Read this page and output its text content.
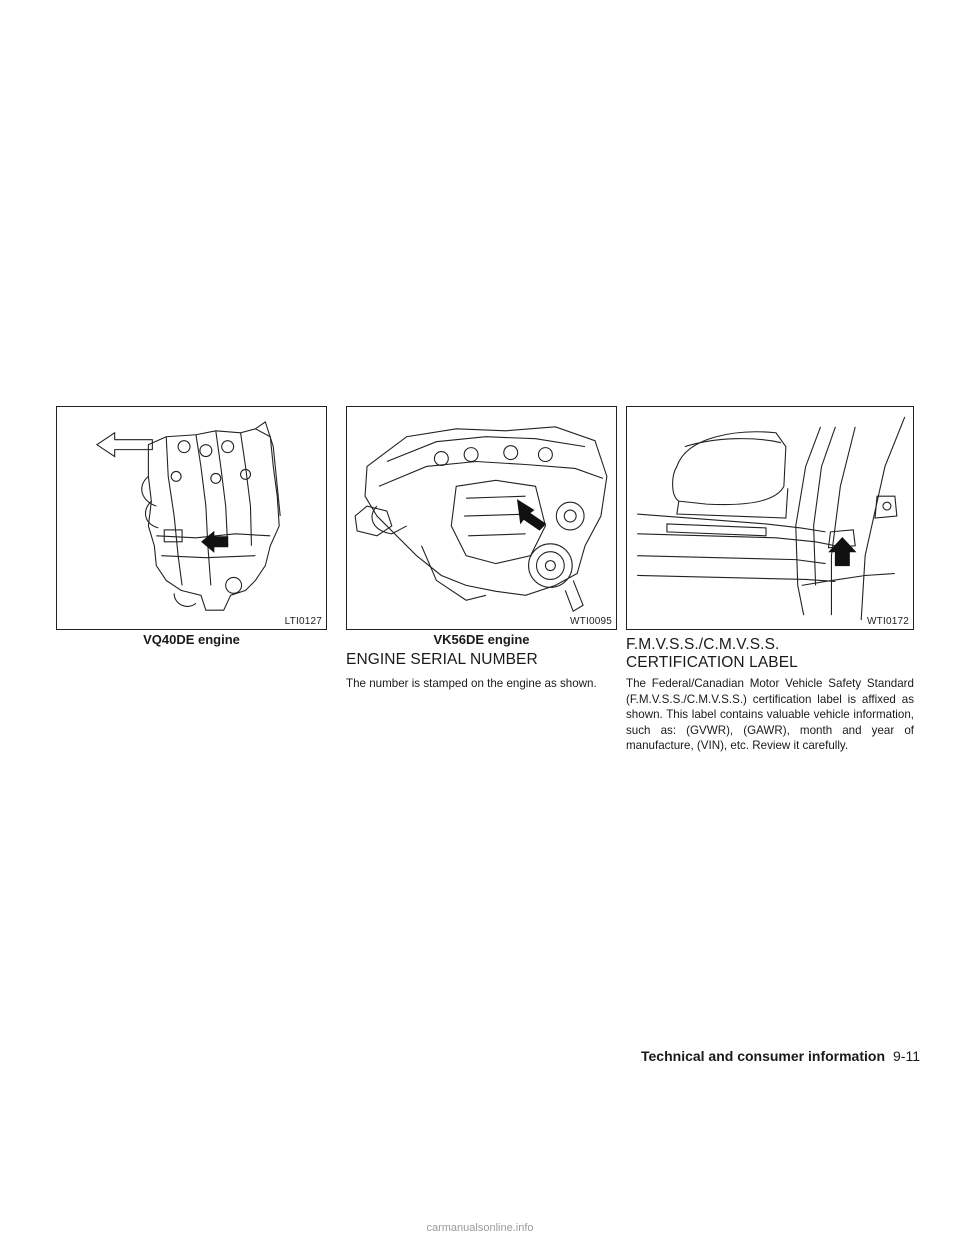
LTI0127	WTI0095	WTI0172
VQ40DE engine	VK56DE engine
ENGINE SERIAL NUMBER

The number is stamped on the engine as shown.

F.M.V.S.S./C.M.V.S.S.
CERTIFICATION LABEL

The Federal/Canadian Motor Vehicle Safety Standard (F.M.V.S.S./C.M.V.S.S.) certification label is affixed as shown. This label contains valuable vehicle information, such as: (GVWR), (GAWR), month and year of manufacture, (VIN), etc. Review it carefully.

Technical and consumer information 9-11
carmanualsonline.info
